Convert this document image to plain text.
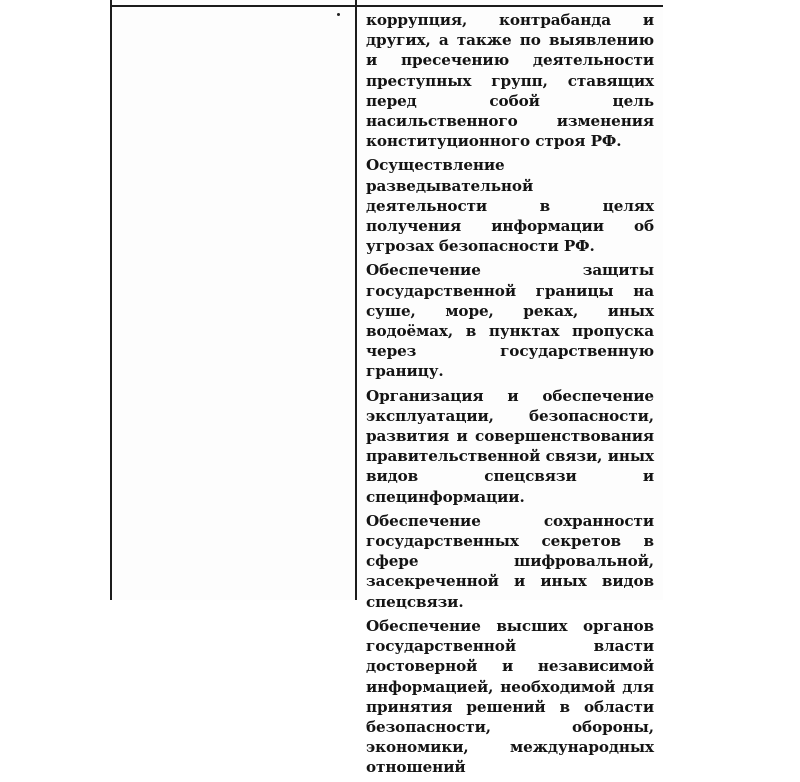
коррупция, контрабанда и других, а также по выявлению и пресечению деятельности преступных групп, ставящих перед собой цель насильственного изменения конституционного строя РФ.

Осуществление разведывательной деятельности в целях получения информации об угрозах безопасности РФ.

Обеспечение защиты государственной границы на суше, море, реках, иных водоёмах, в пунктах пропуска через государственную границу.

Организация и обеспечение эксплуатации, безопасности, развития и совершенствования правительственной связи, иных видов спецсвязи и специнформации.

Обеспечение сохранности государственных секретов в сфере шифровальной, засекреченной и иных видов спецсвязи.

Обеспечение высших органов государственной власти достоверной и независимой информацией, необходимой для принятия решений в области безопасности, обороны, экономики, международных отношений
